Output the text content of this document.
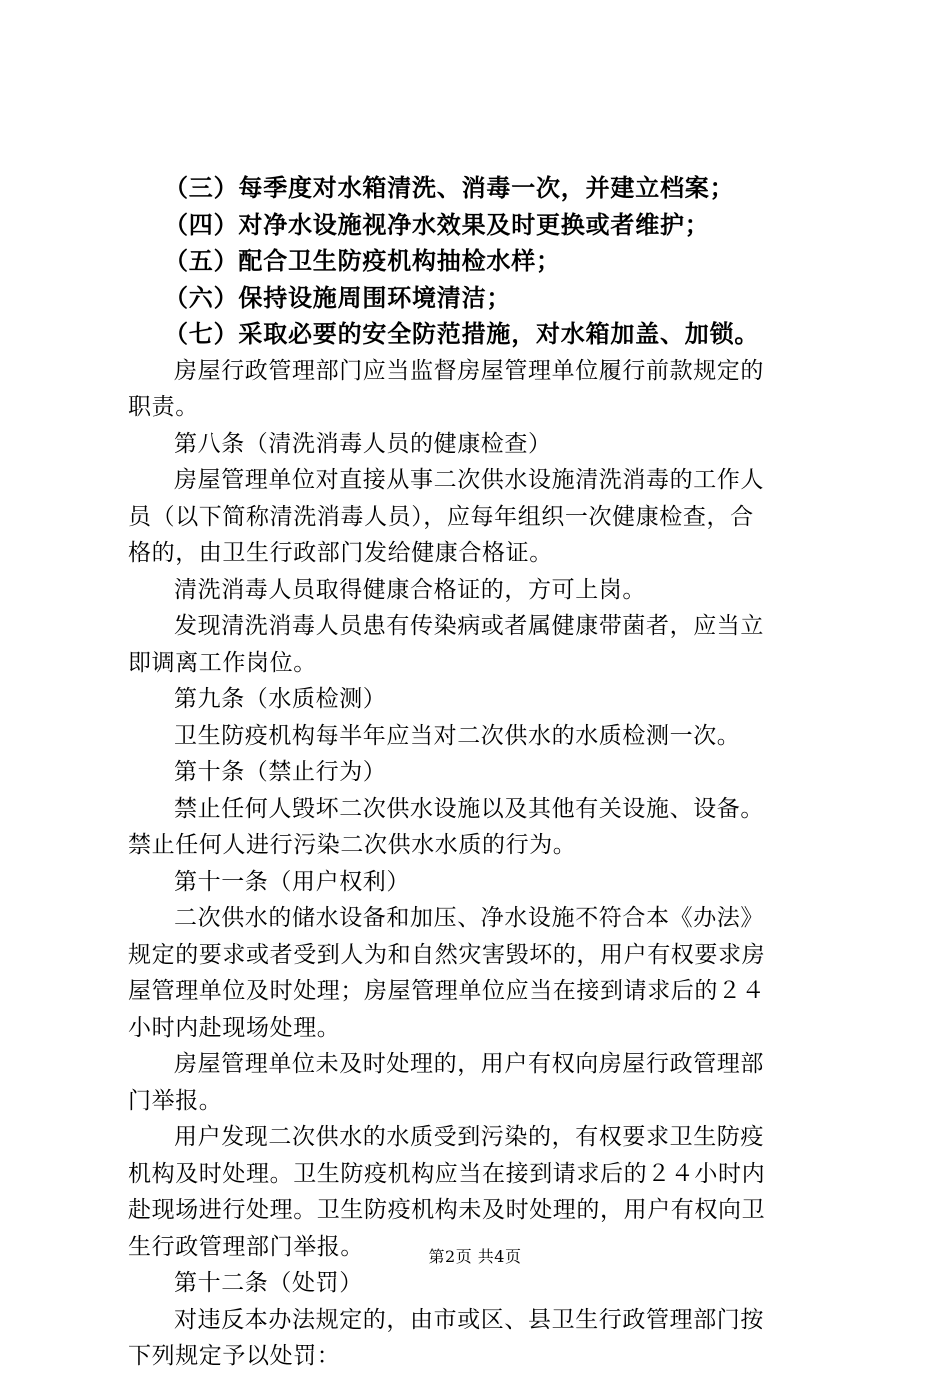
（三）每季度对水箱清洗、消毒一次，并建立档案；
（四）对净水设施视净水效果及时更换或者维护；
（五）配合卫生防疫机构抽检水样；
（六）保持设施周围环境清洁；
（七）采取必要的安全防范措施，对水箱加盖、加锁。
房屋行政管理部门应当监督房屋管理单位履行前款规定的
职责。
第八条（清洗消毒人员的健康检查）
房屋管理单位对直接从事二次供水设施清洗消毒的工作人
员（以下简称清洗消毒人员），应每年组织一次健康检查，合
格的，由卫生行政部门发给健康合格证。
清洗消毒人员取得健康合格证的，方可上岗。
发现清洗消毒人员患有传染病或者属健康带菌者，应当立
即调离工作岗位。
第九条（水质检测）
卫生防疫机构每半年应当对二次供水的水质检测一次。
第十条（禁止行为）
禁止任何人毁坏二次供水设施以及其他有关设施、设备。
禁止任何人进行污染二次供水水质的行为。
第十一条（用户权利）
二次供水的储水设备和加压、净水设施不符合本《办法》
规定的要求或者受到人为和自然灾害毁坏的，用户有权要求房
屋管理单位及时处理；房屋管理单位应当在接到请求后的２４
小时内赴现场处理。
房屋管理单位未及时处理的，用户有权向房屋行政管理部
门举报。
用户发现二次供水的水质受到污染的，有权要求卫生防疫
机构及时处理。卫生防疫机构应当在接到请求后的２４小时内
赴现场进行处理。卫生防疫机构未及时处理的，用户有权向卫
生行政管理部门举报。
第十二条（处罚）
对违反本办法规定的，由市或区、县卫生行政管理部门按
下列规定予以处罚：
第2页 共4页
